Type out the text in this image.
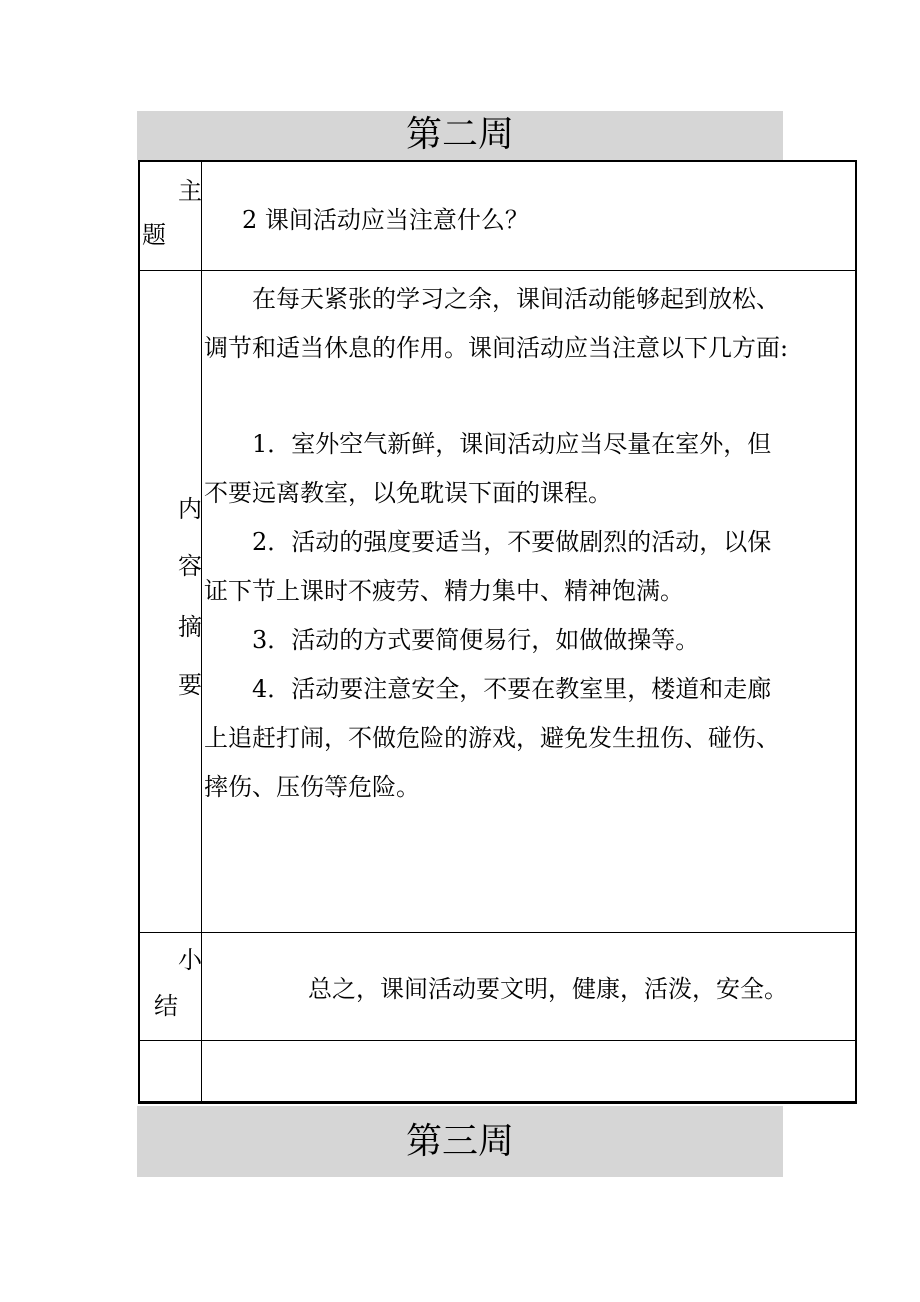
第二周
主
题
2 课间活动应当注意什么？
内
容
摘
要
　　在每天紧张的学习之余，课间活动能够起到放松、
调节和适当休息的作用。课间活动应当注意以下几方面:
　　1．室外空气新鲜，课间活动应当尽量在室外，但
不要远离教室，以免耽误下面的课程。
　　2．活动的强度要适当，不要做剧烈的活动，以保
证下节上课时不疲劳、精力集中、精神饱满。
　　3．活动的方式要简便易行，如做做操等。
　　4．活动要注意安全，不要在教室里，楼道和走廊
上追赶打闹，不做危险的游戏，避免发生扭伤、碰伤、
摔伤、压伤等危险。
小
结
总之，课间活动要文明，健康，活泼，安全。
第三周
